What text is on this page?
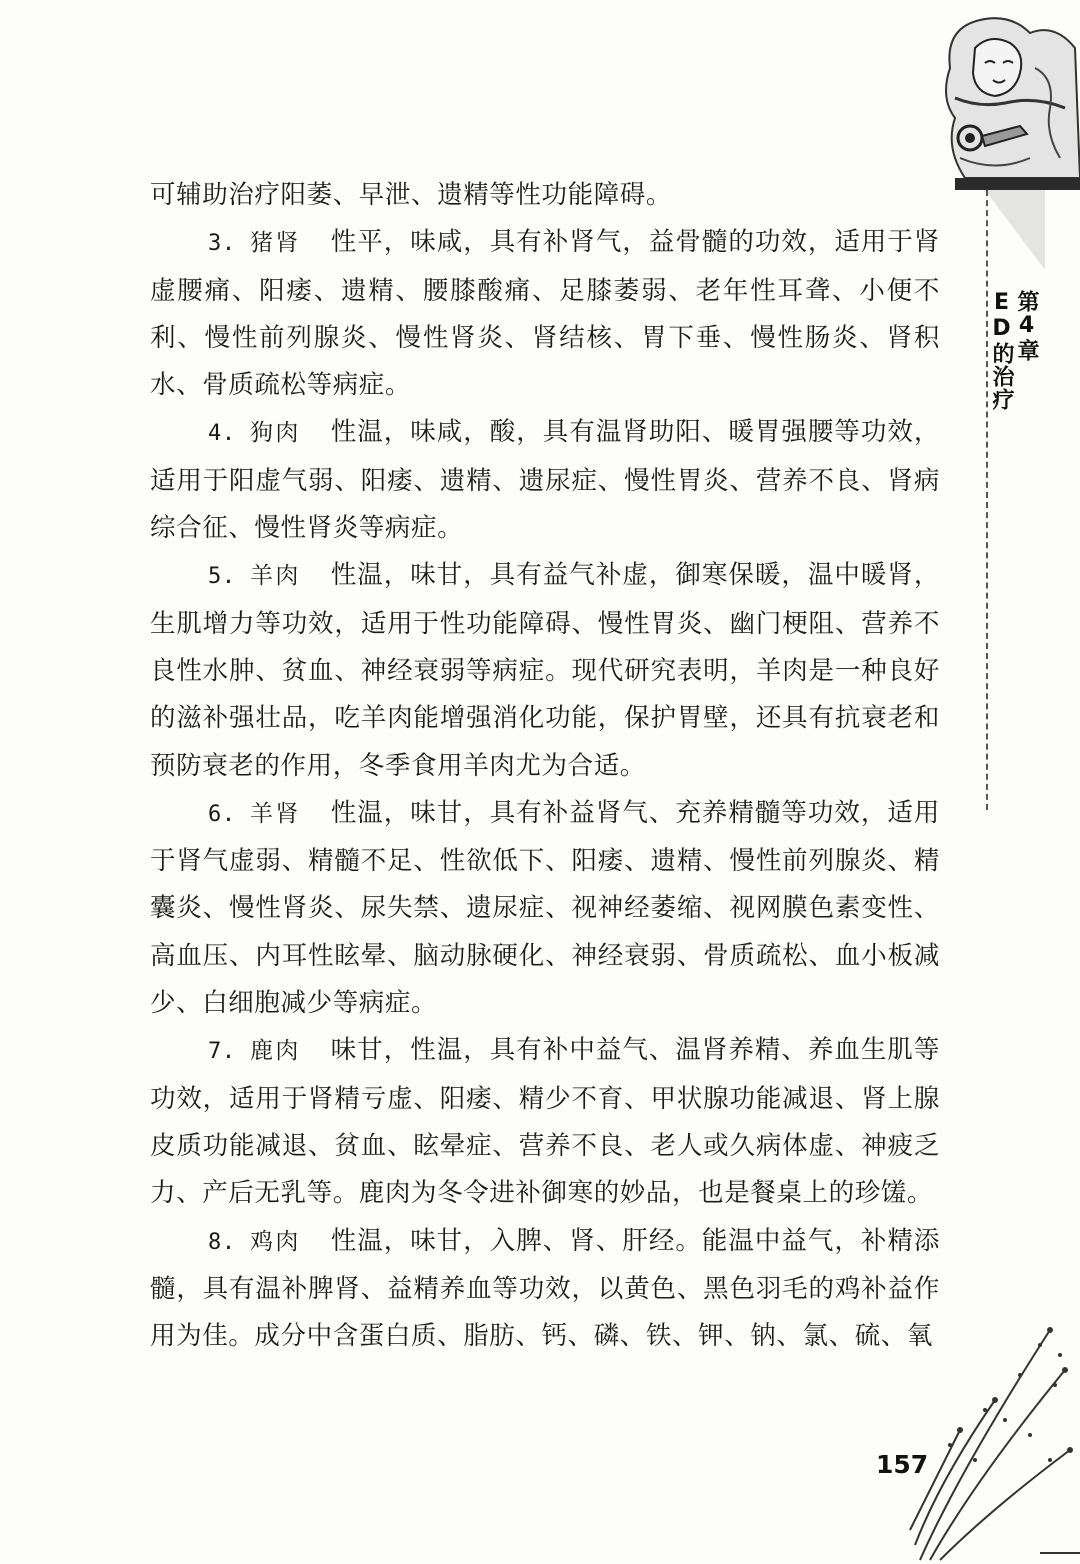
第4章
ED的治疗

可辅助治疗阳萎、早泄、遗精等性功能障碍。

3. 猪肾 性平，味咸，具有补肾气，益骨髓的功效，适用于肾虚腰痛、阳痿、遗精、腰膝酸痛、足膝萎弱、老年性耳聋、小便不利、慢性前列腺炎、慢性肾炎、肾结核、胃下垂、慢性肠炎、肾积水、骨质疏松等病症。

4. 狗肉 性温，味咸，酸，具有温肾助阳、暖胃强腰等功效，适用于阳虚气弱、阳痿、遗精、遗尿症、慢性胃炎、营养不良、肾病综合征、慢性肾炎等病症。

5. 羊肉 性温，味甘，具有益气补虚，御寒保暖，温中暖肾，生肌增力等功效，适用于性功能障碍、慢性胃炎、幽门梗阻、营养不良性水肿、贫血、神经衰弱等病症。现代研究表明，羊肉是一种良好的滋补强壮品，吃羊肉能增强消化功能，保护胃壁，还具有抗衰老和预防衰老的作用，冬季食用羊肉尤为合适。

6. 羊肾 性温，味甘，具有补益肾气、充养精髓等功效，适用于肾气虚弱、精髓不足、性欲低下、阳痿、遗精、慢性前列腺炎、精囊炎、慢性肾炎、尿失禁、遗尿症、视神经萎缩、视网膜色素变性、高血压、内耳性眩晕、脑动脉硬化、神经衰弱、骨质疏松、血小板减少、白细胞减少等病症。

7. 鹿肉 味甘，性温，具有补中益气、温肾养精、养血生肌等功效，适用于肾精亏虚、阳痿、精少不育、甲状腺功能减退、肾上腺皮质功能减退、贫血、眩晕症、营养不良、老人或久病体虚、神疲乏力、产后无乳等。鹿肉为冬令进补御寒的妙品，也是餐桌上的珍馐。

8. 鸡肉 性温，味甘，入脾、肾、肝经。能温中益气，补精添髓，具有温补脾肾、益精养血等功效，以黄色、黑色羽毛的鸡补益作用为佳。成分中含蛋白质、脂肪、钙、磷、铁、钾、钠、氯、硫、氧

157
